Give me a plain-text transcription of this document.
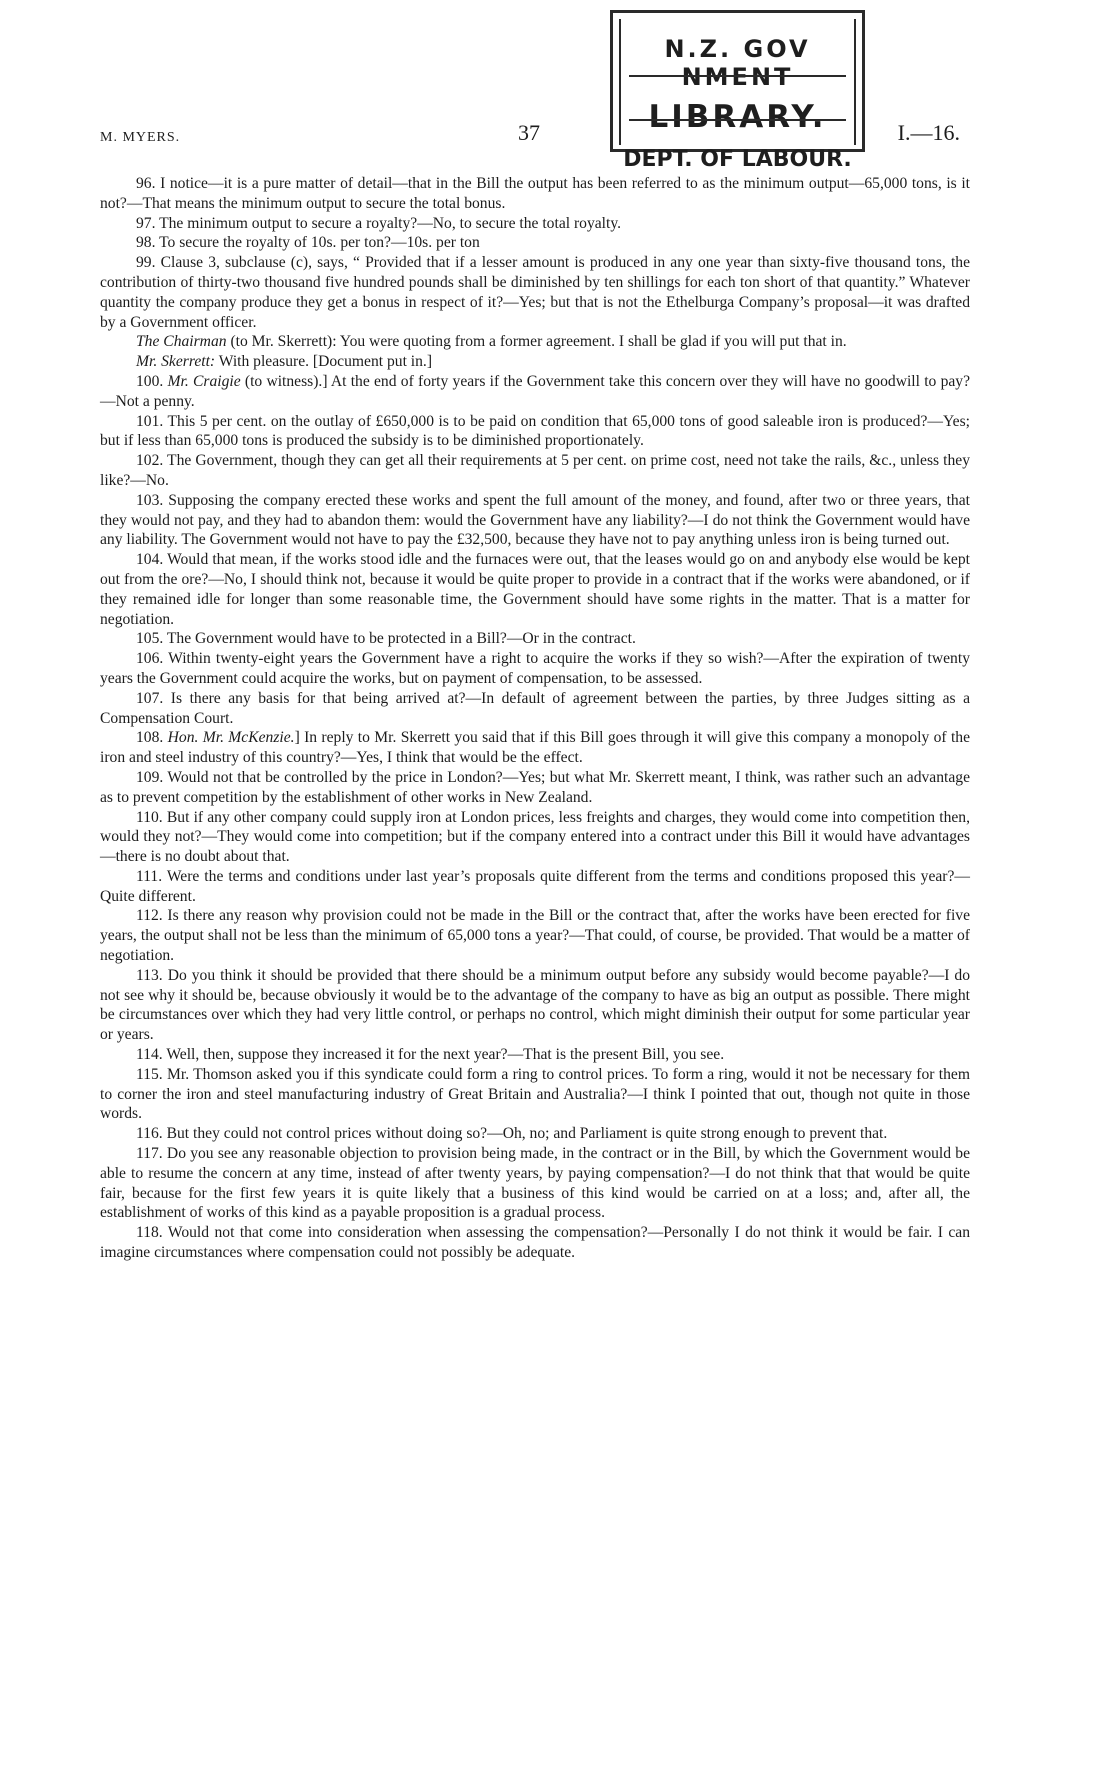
N.Z. GOV NMENT
LIBRARY.
DEPT. OF LABOUR.
M. MYERS.	37	I.—16.

96. I notice—it is a pure matter of detail—that in the Bill the output has been referred to as the minimum output—65,000 tons, is it not?—That means the minimum output to secure the total bonus.

97. The minimum output to secure a royalty?—No, to secure the total royalty.

98. To secure the royalty of 10s. per ton?—10s. per ton

99. Clause 3, subclause (c), says, “ Provided that if a lesser amount is produced in any one year than sixty-five thousand tons, the contribution of thirty-two thousand five hundred pounds shall be diminished by ten shillings for each ton short of that quantity.” Whatever quantity the company produce they get a bonus in respect of it?—Yes; but that is not the Ethelburga Company’s proposal—it was drafted by a Government officer.

The Chairman (to Mr. Skerrett): You were quoting from a former agreement. I shall be glad if you will put that in.

Mr. Skerrett: With pleasure. [Document put in.]

100. Mr. Craigie (to witness).] At the end of forty years if the Government take this concern over they will have no goodwill to pay?—Not a penny.

101. This 5 per cent. on the outlay of £650,000 is to be paid on condition that 65,000 tons of good saleable iron is produced?—Yes; but if less than 65,000 tons is produced the subsidy is to be diminished proportionately.

102. The Government, though they can get all their requirements at 5 per cent. on prime cost, need not take the rails, &c., unless they like?—No.

103. Supposing the company erected these works and spent the full amount of the money, and found, after two or three years, that they would not pay, and they had to abandon them: would the Government have any liability?—I do not think the Government would have any liability. The Government would not have to pay the £32,500, because they have not to pay anything unless iron is being turned out.

104. Would that mean, if the works stood idle and the furnaces were out, that the leases would go on and anybody else would be kept out from the ore?—No, I should think not, because it would be quite proper to provide in a contract that if the works were abandoned, or if they remained idle for longer than some reasonable time, the Government should have some rights in the matter. That is a matter for negotiation.

105. The Government would have to be protected in a Bill?—Or in the contract.

106. Within twenty-eight years the Government have a right to acquire the works if they so wish?—After the expiration of twenty years the Government could acquire the works, but on payment of compensation, to be assessed.

107. Is there any basis for that being arrived at?—In default of agreement between the parties, by three Judges sitting as a Compensation Court.

108. Hon. Mr. McKenzie.] In reply to Mr. Skerrett you said that if this Bill goes through it will give this company a monopoly of the iron and steel industry of this country?—Yes, I think that would be the effect.

109. Would not that be controlled by the price in London?—Yes; but what Mr. Skerrett meant, I think, was rather such an advantage as to prevent competition by the establishment of other works in New Zealand.

110. But if any other company could supply iron at London prices, less freights and charges, they would come into competition then, would they not?—They would come into competition; but if the company entered into a contract under this Bill it would have advantages—there is no doubt about that.

111. Were the terms and conditions under last year’s proposals quite different from the terms and conditions proposed this year?—Quite different.

112. Is there any reason why provision could not be made in the Bill or the contract that, after the works have been erected for five years, the output shall not be less than the minimum of 65,000 tons a year?—That could, of course, be provided. That would be a matter of negotiation.

113. Do you think it should be provided that there should be a minimum output before any subsidy would become payable?—I do not see why it should be, because obviously it would be to the advantage of the company to have as big an output as possible. There might be circumstances over which they had very little control, or perhaps no control, which might diminish their output for some particular year or years.

114. Well, then, suppose they increased it for the next year?—That is the present Bill, you see.

115. Mr. Thomson asked you if this syndicate could form a ring to control prices. To form a ring, would it not be necessary for them to corner the iron and steel manufacturing industry of Great Britain and Australia?—I think I pointed that out, though not quite in those words.

116. But they could not control prices without doing so?—Oh, no; and Parliament is quite strong enough to prevent that.

117. Do you see any reasonable objection to provision being made, in the contract or in the Bill, by which the Government would be able to resume the concern at any time, instead of after twenty years, by paying compensation?—I do not think that that would be quite fair, because for the first few years it is quite likely that a business of this kind would be carried on at a loss; and, after all, the establishment of works of this kind as a payable proposition is a gradual process.

118. Would not that come into consideration when assessing the compensation?—Personally I do not think it would be fair. I can imagine circumstances where compensation could not possibly be adequate.
